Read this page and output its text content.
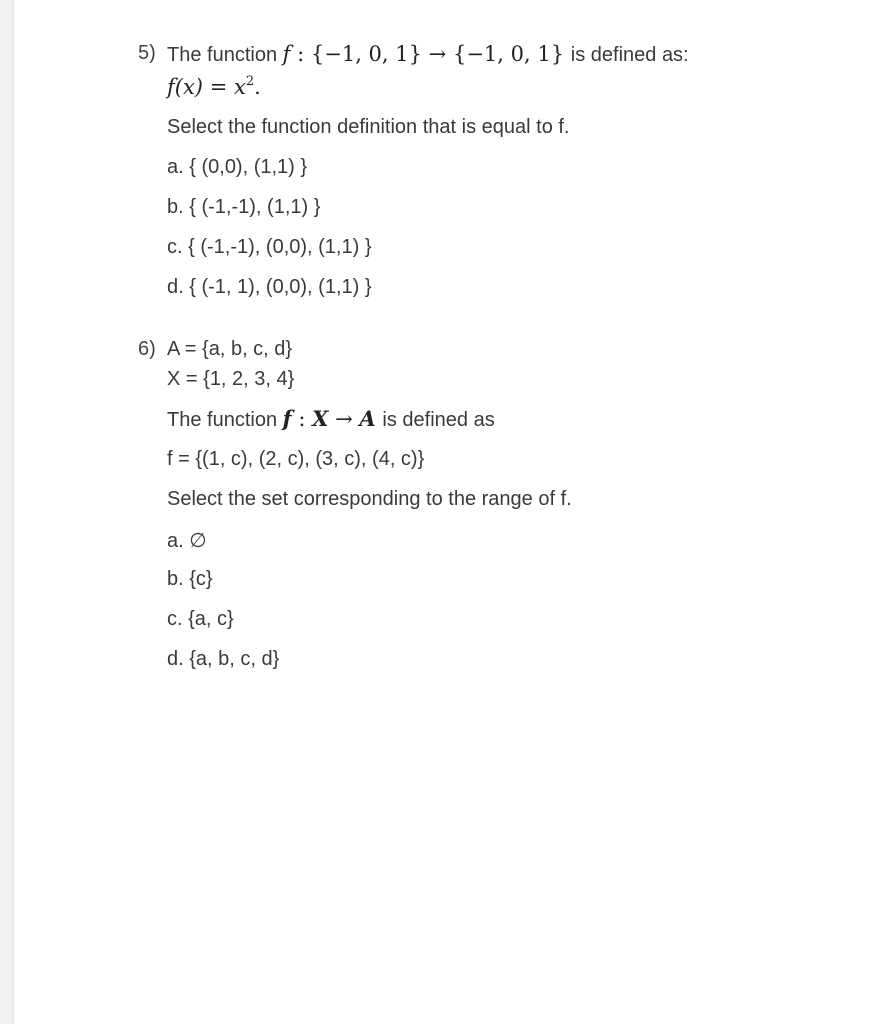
5) The function f : {−1, 0, 1} → {−1, 0, 1} is defined as:
$f(x) = x^2$.
Select the function definition that is equal to f.
a. { (0,0), (1,1) }
b. { (-1,-1), (1,1) }
c. { (-1,-1), (0,0), (1,1) }
d. { (-1, 1), (0,0), (1,1) }
6) A = {a, b, c, d}
X = {1, 2, 3, 4}
The function f : X → A is defined as
f = {(1, c), (2, c), (3, c), (4, c)}
Select the set corresponding to the range of f.
a. ∅
b. {c}
c. {a, c}
d. {a, b, c, d}
